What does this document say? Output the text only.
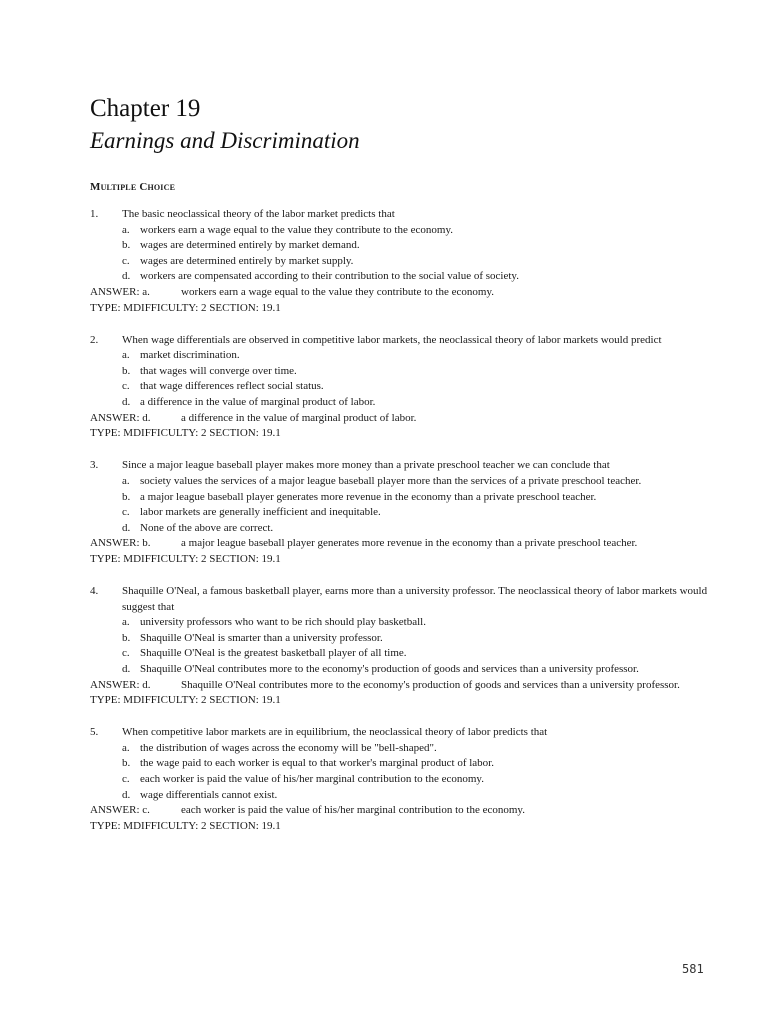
Chapter 19
Earnings and Discrimination
Multiple Choice
1.	The basic neoclassical theory of the labor market predicts that
a. workers earn a wage equal to the value they contribute to the economy.
b. wages are determined entirely by market demand.
c. wages are determined entirely by market supply.
d. workers are compensated according to their contribution to the social value of society.
ANSWER: a.	workers earn a wage equal to the value they contribute to the economy.
TYPE: MDIFFICULTY: 2 SECTION: 19.1
2.	When wage differentials are observed in competitive labor markets, the neoclassical theory of labor markets would predict
a. market discrimination.
b. that wages will converge over time.
c. that wage differences reflect social status.
d. a difference in the value of marginal product of labor.
ANSWER: d.	a difference in the value of marginal product of labor.
TYPE: MDIFFICULTY: 2 SECTION: 19.1
3.	Since a major league baseball player makes more money than a private preschool teacher we can conclude that
a. society values the services of a major league baseball player more than the services of a private preschool teacher.
b. a major league baseball player generates more revenue in the economy than a private preschool teacher.
c. labor markets are generally inefficient and inequitable.
d. None of the above are correct.
ANSWER: b.	a major league baseball player generates more revenue in the economy than a private preschool teacher.
TYPE: MDIFFICULTY: 2 SECTION: 19.1
4.	Shaquille O'Neal, a famous basketball player, earns more than a university professor. The neoclassical theory of labor markets would suggest that
a. university professors who want to be rich should play basketball.
b. Shaquille O'Neal is smarter than a university professor.
c. Shaquille O'Neal is the greatest basketball player of all time.
d. Shaquille O'Neal contributes more to the economy's production of goods and services than a university professor.
ANSWER: d.	Shaquille O'Neal contributes more to the economy's production of goods and services than a university professor.
TYPE: MDIFFICULTY: 2 SECTION: 19.1
5.	When competitive labor markets are in equilibrium, the neoclassical theory of labor predicts that
a. the distribution of wages across the economy will be "bell-shaped".
b. the wage paid to each worker is equal to that worker's marginal product of labor.
c. each worker is paid the value of his/her marginal contribution to the economy.
d. wage differentials cannot exist.
ANSWER: c.	each worker is paid the value of his/her marginal contribution to the economy.
TYPE: MDIFFICULTY: 2 SECTION: 19.1
581
